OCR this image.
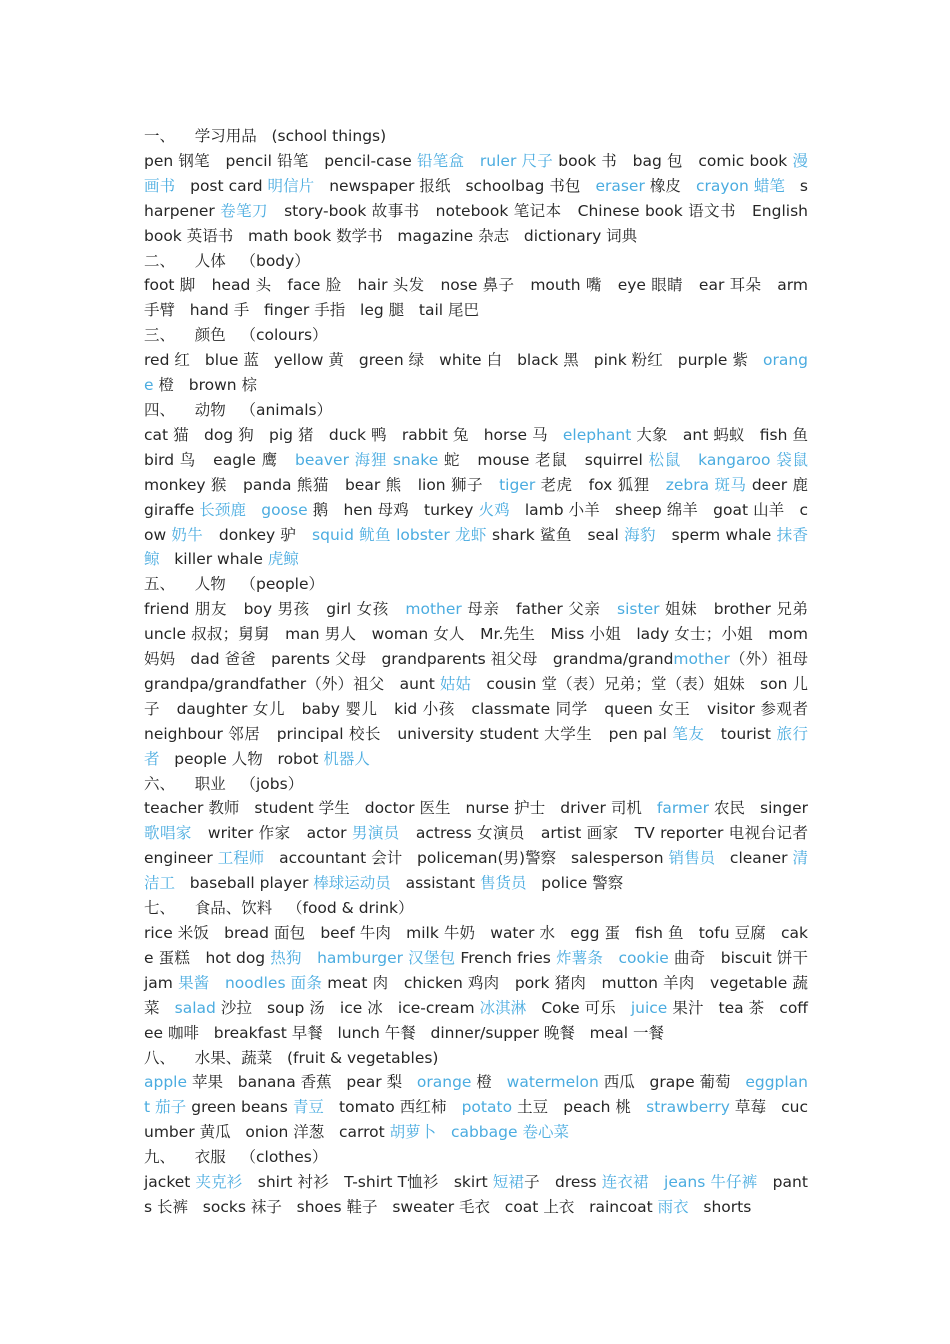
一、    学习用品   (school things)

pen 钢笔   pencil 铅笔   pencil-case 铅笔盒 ruler 尺子 book 书   bag 包   comic book 漫画书   post card 明信片   newspaper 报纸   schoolbag 书包   eraser 橡皮   crayon 蜡笔   sharpener 卷笔刀   story-book 故事书   notebook 笔记本   Chinese book 语文书   English book 英语书   math book 数学书   magazine 杂志   dictionary 词典

二、    人体   （body）

foot 脚   head 头   face 脸   hair 头发   nose 鼻子   mouth 嘴   eye 眼睛   ear 耳朵   arm 手臂   hand 手   finger 手指   leg 腿   tail 尾巴

三、    颜色   （colours）

red 红   blue 蓝   yellow 黄   green 绿   white 白   black 黑   pink 粉红   purple 紫   orange 橙   brown 棕

四、    动物   （animals）

cat 猫   dog 狗   pig 猪   duck 鸭   rabbit 兔   horse 马   elephant 大象   ant 蚂蚁   fish 鱼   bird 鸟   eagle 鹰   beaver 海狸 snake 蛇   mouse 老鼠   squirrel 松鼠 kangaroo 袋鼠   monkey 猴   panda 熊猫   bear 熊   lion 狮子   tiger 老虎   fox 狐狸   zebra 斑马 deer 鹿   giraffe 长颈鹿 goose 鹅   hen 母鸡   turkey 火鸡   lamb 小羊   sheep 绵羊   goat 山羊   cow 奶牛   donkey 驴   squid 鱿鱼 lobster 龙虾 shark 鲨鱼   seal 海豹   sperm whale 抹香鲸   killer whale 虎鲸

五、    人物   （people）

friend 朋友   boy 男孩   girl 女孩   mother 母亲   father 父亲   sister 姐妹   brother 兄弟   uncle 叔叔；舅舅   man 男人   woman 女人   Mr.先生   Miss 小姐   lady 女士；小姐   mom 妈妈   dad 爸爸   parents 父母   grandparents 祖父母   grandma/grandmother（外）祖母   grandpa/grandfather（外）祖父   aunt 姑姑   cousin 堂（表）兄弟；堂（表）姐妹   son 儿子   daughter 女儿   baby 婴儿   kid 小孩   classmate 同学   queen 女王   visitor 参观者   neighbour 邻居   principal 校长   university student 大学生   pen pal 笔友   tourist 旅行者   people 人物   robot 机器人

六、    职业   （jobs）

teacher 教师   student 学生   doctor 医生   nurse 护士   driver 司机   farmer 农民   singer 歌唱家   writer 作家   actor 男演员   actress 女演员   artist 画家   TV reporter 电视台记者   engineer 工程师   accountant 会计   policeman(男)警察   salesperson 销售员   cleaner 清洁工   baseball player 棒球运动员   assistant 售货员   police 警察

七、    食品、饮料   （food & drink）

rice 米饭   bread 面包   beef 牛肉   milk 牛奶   water 水   egg 蛋   fish 鱼   tofu 豆腐   cake 蛋糕   hot dog 热狗 hamburger 汉堡包 French fries 炸薯条 cookie 曲奇   biscuit 饼干   jam 果酱 noodles 面条 meat 肉   chicken 鸡肉   pork 猪肉   mutton 羊肉   vegetable 蔬菜   salad 沙拉   soup 汤   ice 冰   ice-cream 冰淇淋   Coke 可乐   juice 果汁   tea 茶   coffee 咖啡   breakfast 早餐   lunch 午餐   dinner/supper 晚餐   meal 一餐

八、    水果、蔬菜   (fruit & vegetables)

apple 苹果   banana 香蕉   pear 梨   orange 橙   watermelon 西瓜   grape 葡萄   eggplant 茄子 green beans 青豆   tomato 西红柿   potato 土豆   peach 桃   strawberry 草莓   cucumber 黄瓜   onion 洋葱   carrot 胡萝卜 cabbage 卷心菜

九、    衣服   （clothes）

jacket 夹克衫   shirt 衬衫   T-shirt T恤衫   skirt 短裙子   dress 连衣裙 jeans 牛仔裤   pants 长裤   socks 袜子   shoes 鞋子   sweater 毛衣   coat 上衣   raincoat 雨衣   shorts
